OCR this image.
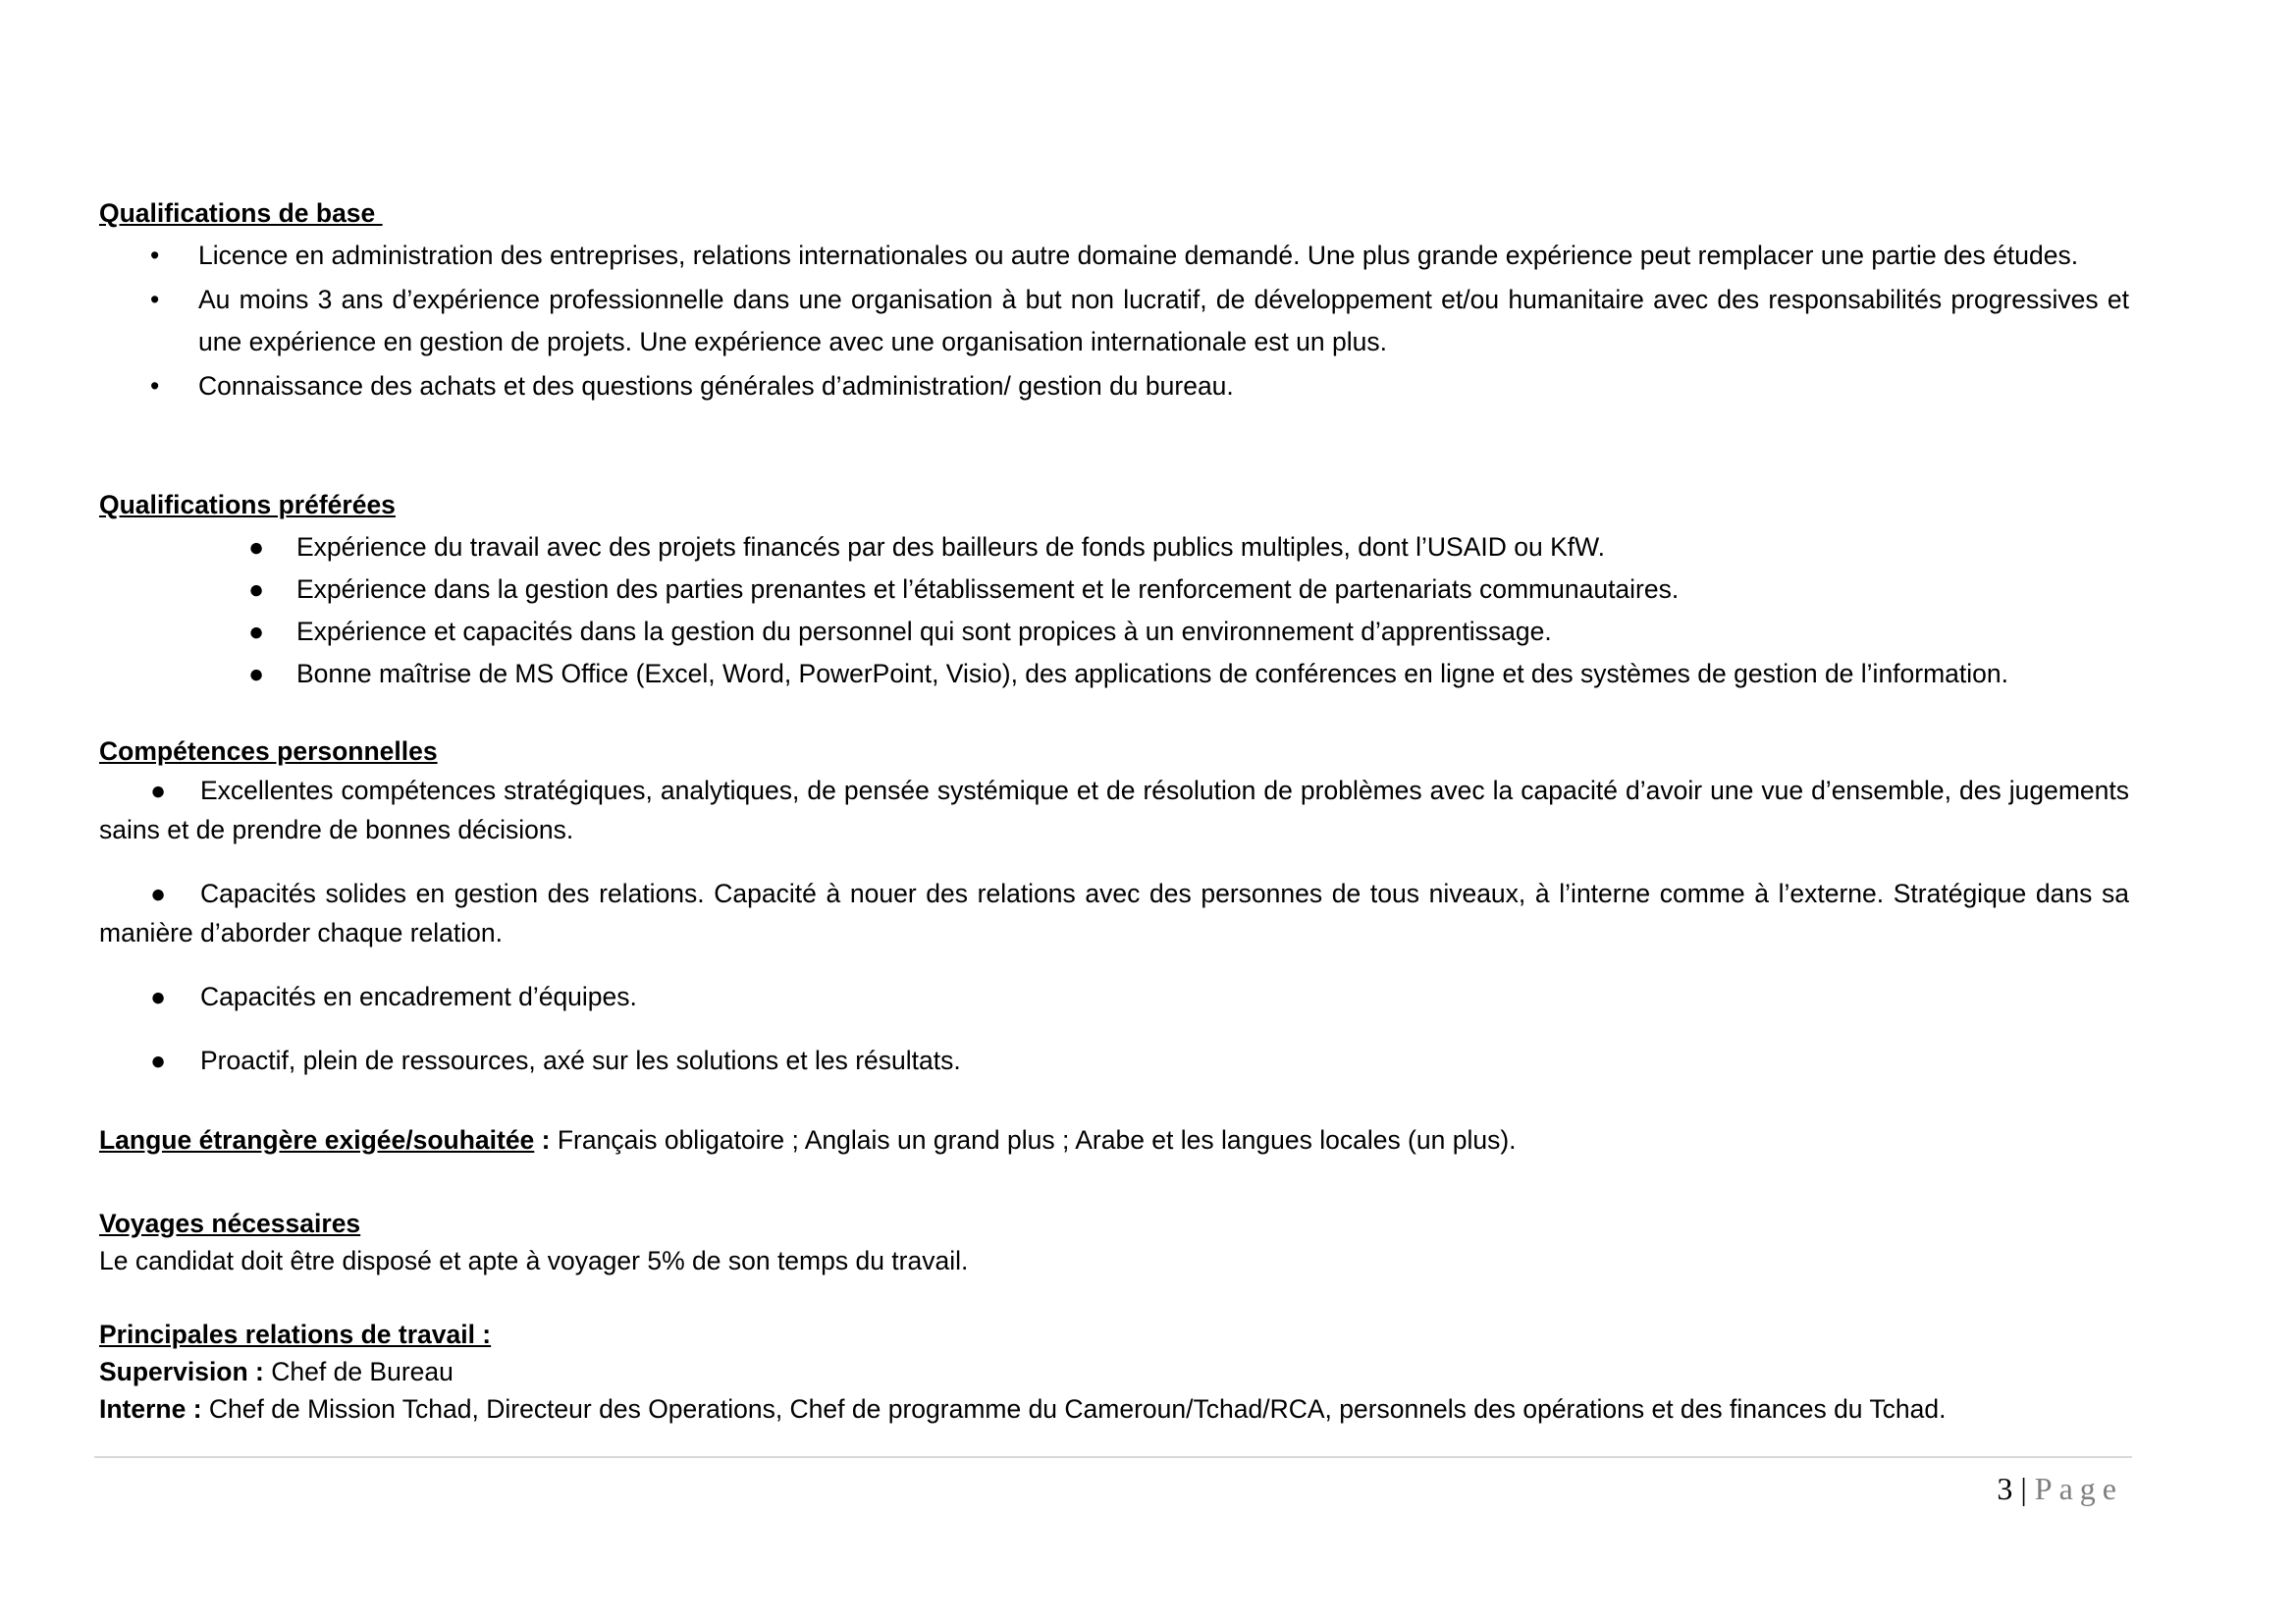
Qualifications de base
• Licence en administration des entreprises, relations internationales ou autre domaine demandé. Une plus grande expérience peut remplacer une partie des études.
• Au moins 3 ans d’expérience professionnelle dans une organisation à but non lucratif, de développement et/ou humanitaire avec des responsabilités progressives et une expérience en gestion de projets. Une expérience avec une organisation internationale est un plus.
• Connaissance des achats et des questions générales d’administration/ gestion du bureau.
Qualifications préférées
● Expérience du travail avec des projets financés par des bailleurs de fonds publics multiples, dont l’USAID ou KfW.
● Expérience dans la gestion des parties prenantes et l’établissement et le renforcement de partenariats communautaires.
● Expérience et capacités dans la gestion du personnel qui sont propices à un environnement d’apprentissage.
● Bonne maîtrise de MS Office (Excel, Word, PowerPoint, Visio), des applications de conférences en ligne et des systèmes de gestion de l’information.
Compétences personnelles
● Excellentes compétences stratégiques, analytiques, de pensée systémique et de résolution de problèmes avec la capacité d’avoir une vue d’ensemble, des jugements sains et de prendre de bonnes décisions.
● Capacités solides en gestion des relations. Capacité à nouer des relations avec des personnes de tous niveaux, à l’interne comme à l’externe. Stratégique dans sa manière d’aborder chaque relation.
● Capacités en encadrement d’équipes.
● Proactif, plein de ressources, axé sur les solutions et les résultats.
Langue étrangère exigée/souhaitée : Français obligatoire ; Anglais un grand plus ; Arabe et les langues locales (un plus).
Voyages nécessaires
Le candidat doit être disposé et apte à voyager 5% de son temps du travail.
Principales relations de travail :
Supervision : Chef de Bureau
Interne : Chef de Mission Tchad, Directeur des Operations, Chef de programme du Cameroun/Tchad/RCA, personnels des opérations et des finances du Tchad.
3 | Page
